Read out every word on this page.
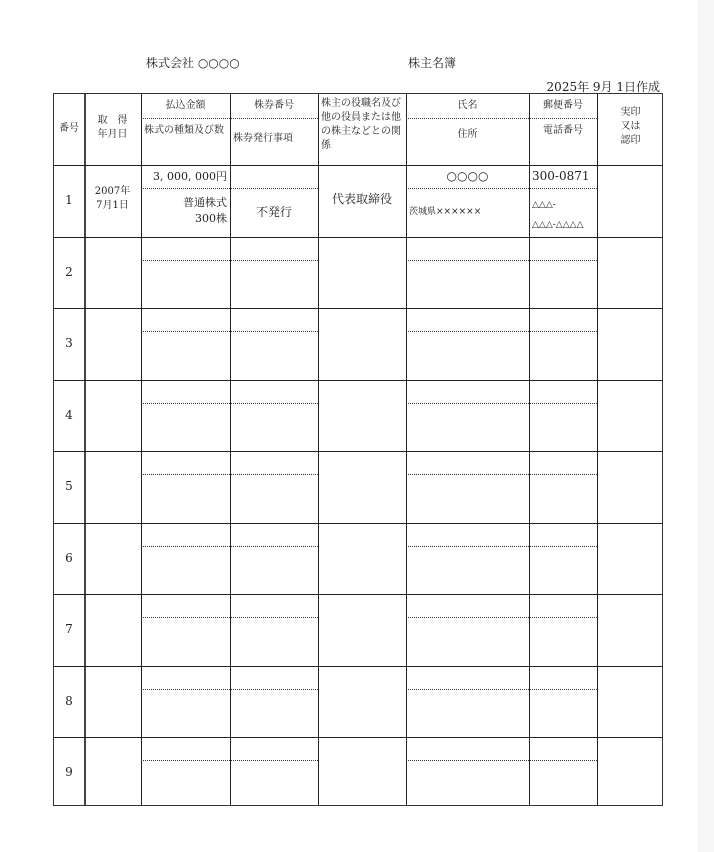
株式会社 ○○○○	株主名簿
2025年 9月 1日作成
番号
取　得
年月日
払込金額
株式の種類及び数
株券番号
株券発行事項
株主の役職名及び他の役員または他の株主などとの関係
氏名
住所
郵便番号
電話番号
実印
又は
認印
1
2007年
7月1日
3, 000, 000円
普通株式
300株	不発行
代表取締役
○○○○
茨城県××××××
300-0871
△△△-
△△△-△△△△
2
3
4
5
6
7
8
9
